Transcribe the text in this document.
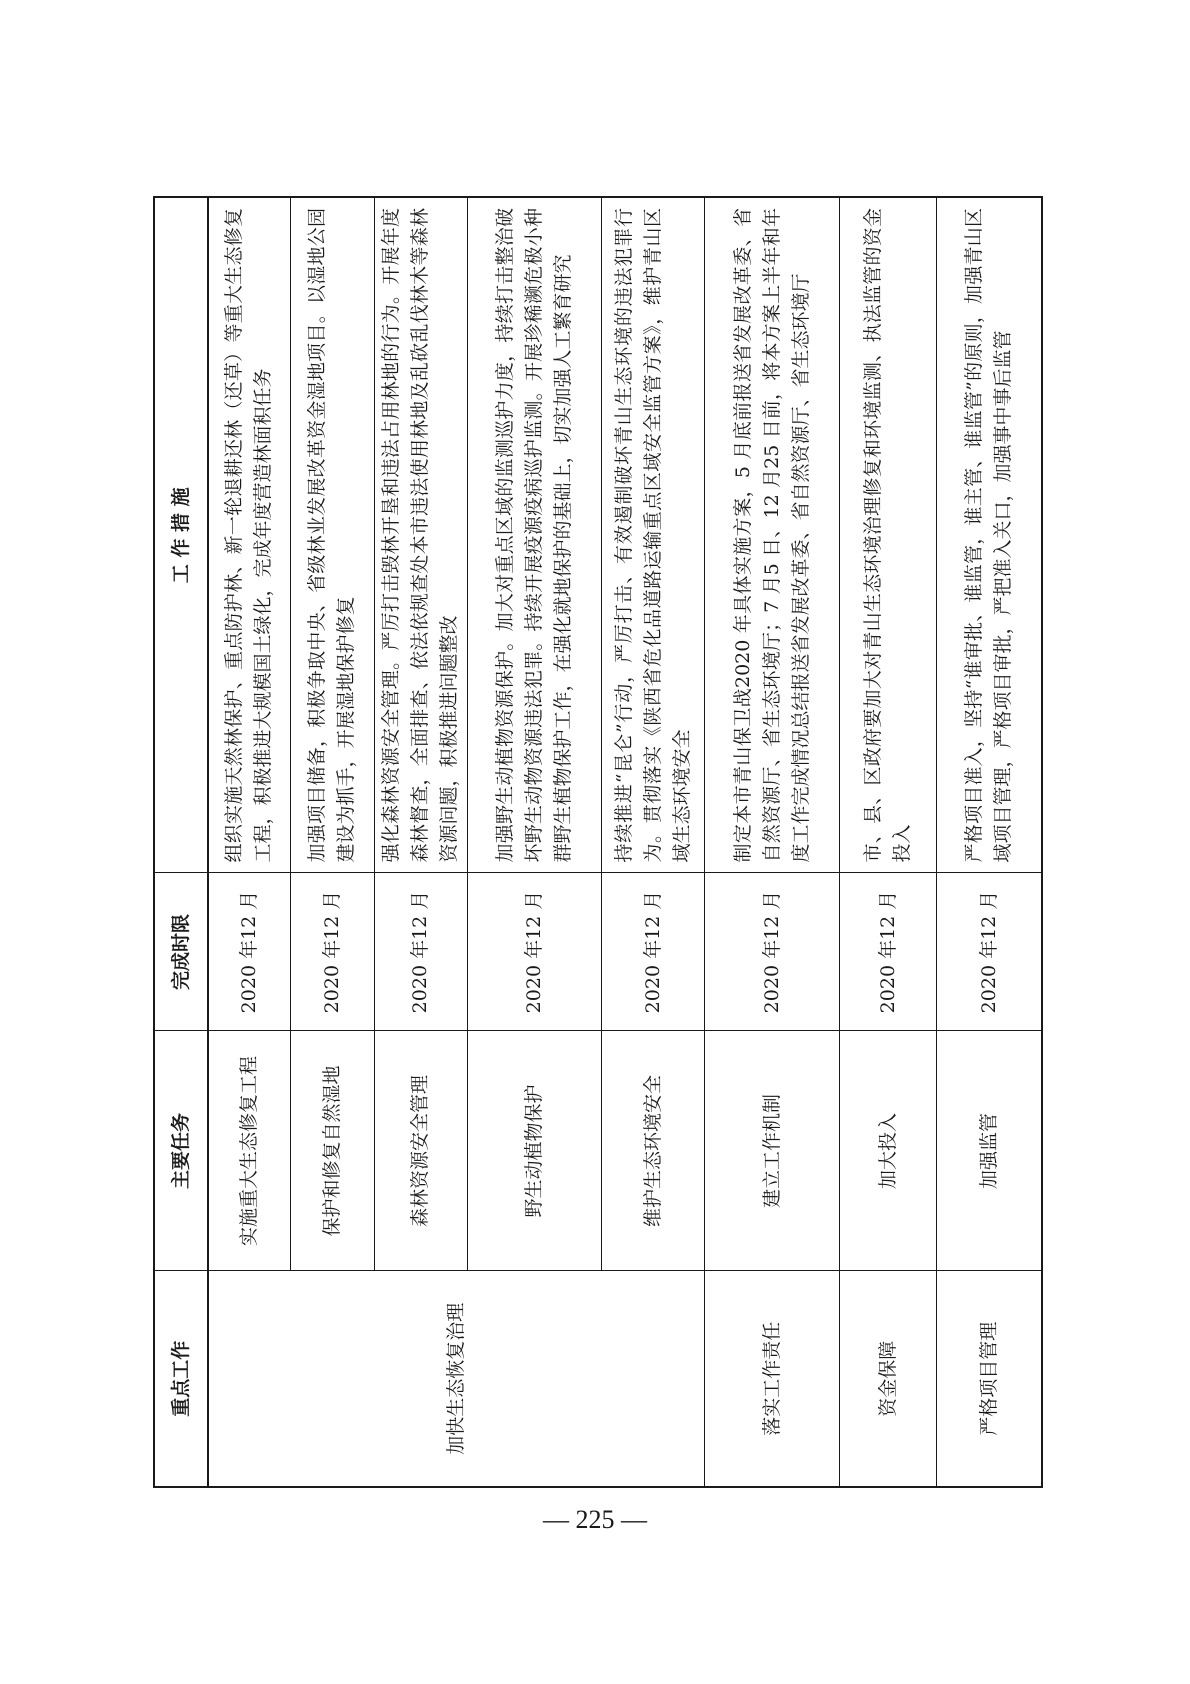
重点工作	主要任务	完成时限	工 作 措 施
加快生态恢复治理	实施重大生态修复工程	2020 年12 月	组织实施天然林保护、重点防护林、新一轮退耕还林（还草）等重大生态修复工程，积极推进大规模国土绿化，完成年度营造林面积任务
	保护和修复自然湿地	2020 年12 月	加强项目储备，积极争取中央、省级林业发展改革资金湿地项目。以湿地公园建设为抓手，开展湿地保护修复
	森林资源安全管理	2020 年12 月	强化森林资源安全管理。严厉打击毁林开垦和违法占用林地的行为。开展年度森林督查，全面排查、依法依规查处本市违法使用林地及乱砍乱伐林木等森林资源问题，积极推进问题整改
	野生动植物保护	2020 年12 月	加强野生动植物资源保护。加大对重点区域的监测巡护力度，持续打击整治破坏野生动物资源违法犯罪。持续开展疫源疫病巡护监测。开展珍稀濒危极小种群野生植物保护工作，在强化就地保护的基础上，切实加强人工繁育研究
	维护生态环境安全	2020 年12 月	持续推进“昆仑”行动，严厉打击、有效遏制破坏青山生态环境的违法犯罪行为。贯彻落实《陕西省危化品道路运输重点区域安全监管方案》，维护青山区域生态环境安全
落实工作责任	建立工作机制	2020 年12 月	制定本市青山保卫战2020 年具体实施方案，5 月底前报送省发展改革委、省自然资源厅、省生态环境厅；7 月5 日、12 月25 日前，将本方案上半年和年度工作完成情况总结报送省发展改革委、省自然资源厅、省生态环境厅
资金保障	加大投入	2020 年12 月	市、县、区政府要加大对青山生态环境治理修复和环境监测、执法监管的资金投入
严格项目管理	加强监管	2020 年12 月	严格项目准入，坚持“谁审批、谁监管，谁主管、谁监管”的原则，加强青山区域项目管理，严格项目审批，严把准入关口，加强事中事后监管
— 225 —
